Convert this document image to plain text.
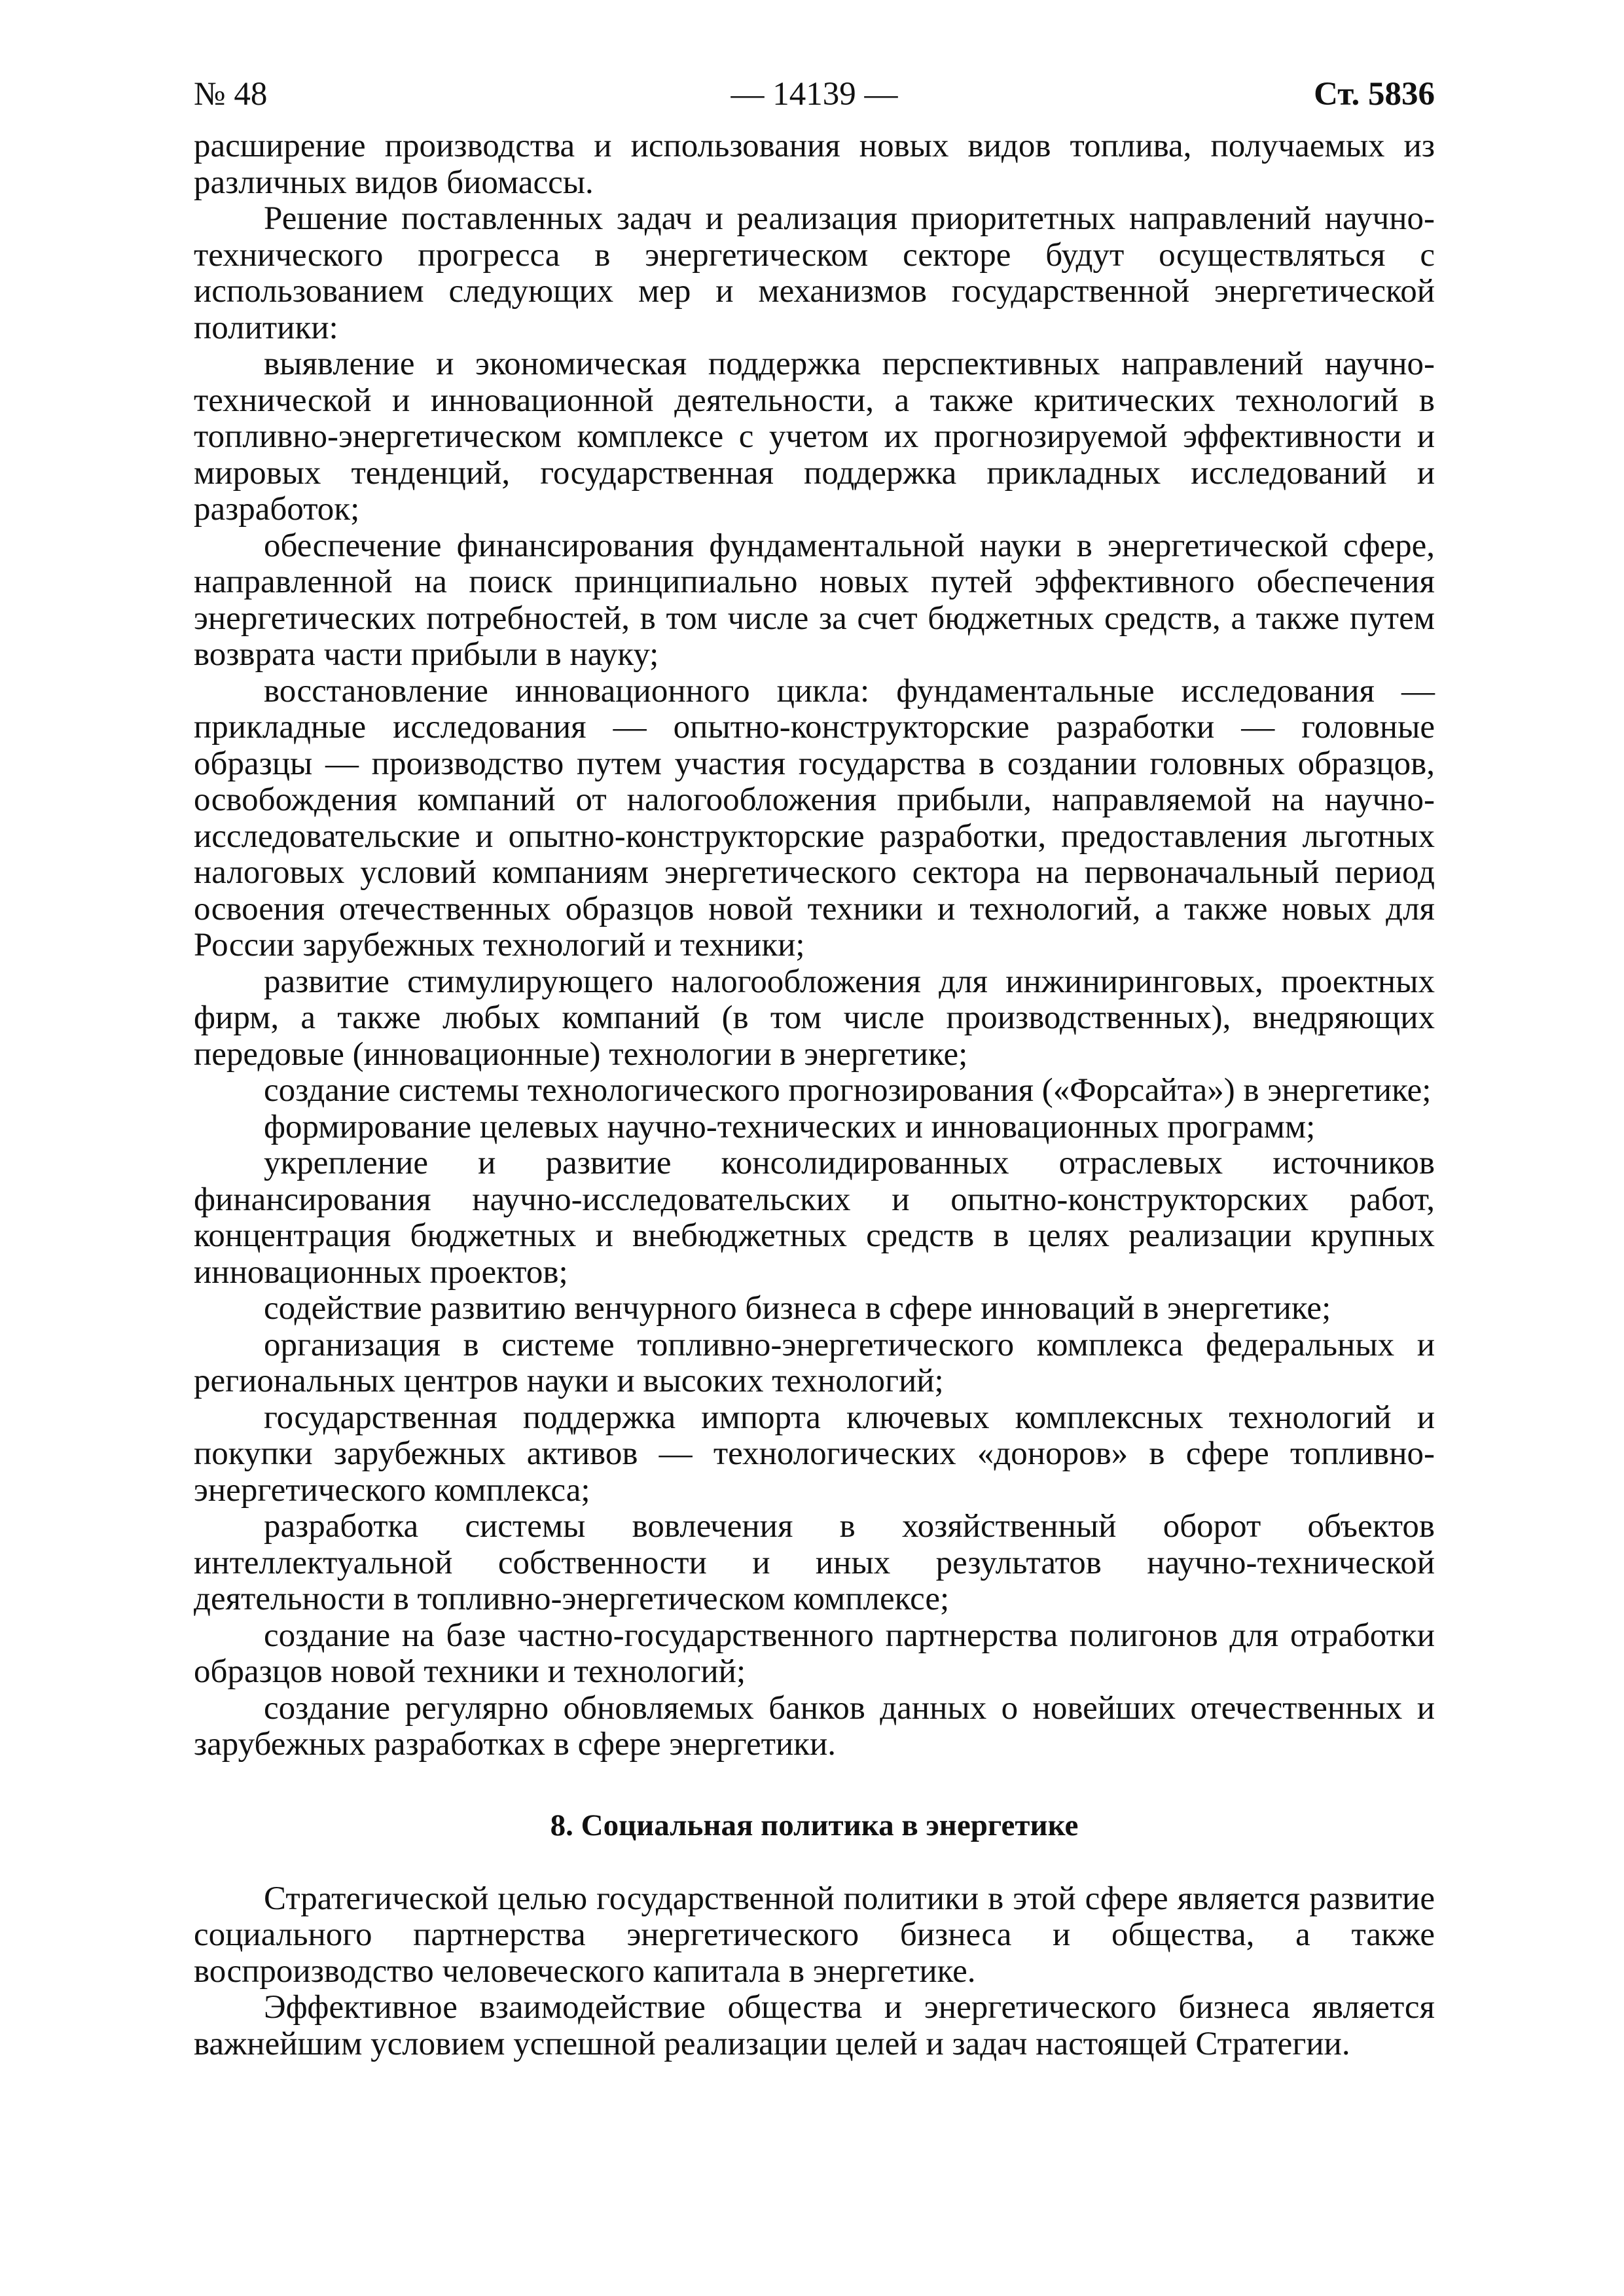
№ 48	— 14139 —	Ст. 5836

расширение производства и использования новых видов топлива, получаемых из различных видов биомассы.

Решение поставленных задач и реализация приоритетных направлений научно-технического прогресса в энергетическом секторе будут осуществляться с использованием следующих мер и механизмов государственной энергетической политики:

выявление и экономическая поддержка перспективных направлений научно-технической и инновационной деятельности, а также критических технологий в топливно-энергетическом комплексе с учетом их прогнозируемой эффективности и мировых тенденций, государственная поддержка прикладных исследований и разработок;

обеспечение финансирования фундаментальной науки в энергетической сфере, направленной на поиск принципиально новых путей эффективного обеспечения энергетических потребностей, в том числе за счет бюджетных средств, а также путем возврата части прибыли в науку;

восстановление инновационного цикла: фундаментальные исследования — прикладные исследования — опытно-конструкторские разработки — головные образцы — производство путем участия государства в создании головных образцов, освобождения компаний от налогообложения прибыли, направляемой на научно-исследовательские и опытно-конструкторские разработки, предоставления льготных налоговых условий компаниям энергетического сектора на первоначальный период освоения отечественных образцов новой техники и технологий, а также новых для России зарубежных технологий и техники;

развитие стимулирующего налогообложения для инжиниринговых, проектных фирм, а также любых компаний (в том числе производственных), внедряющих передовые (инновационные) технологии в энергетике;

создание системы технологического прогнозирования («Форсайта») в энергетике;

формирование целевых научно-технических и инновационных программ;

укрепление и развитие консолидированных отраслевых источников финансирования научно-исследовательских и опытно-конструкторских работ, концентрация бюджетных и внебюджетных средств в целях реализации крупных инновационных проектов;

содействие развитию венчурного бизнеса в сфере инноваций в энергетике;

организация в системе топливно-энергетического комплекса федеральных и региональных центров науки и высоких технологий;

государственная поддержка импорта ключевых комплексных технологий и покупки зарубежных активов — технологических «доноров» в сфере топливно-энергетического комплекса;

разработка системы вовлечения в хозяйственный оборот объектов интеллектуальной собственности и иных результатов научно-технической деятельности в топливно-энергетическом комплексе;

создание на базе частно-государственного партнерства полигонов для отработки образцов новой техники и технологий;

создание регулярно обновляемых банков данных о новейших отечественных и зарубежных разработках в сфере энергетики.

8. Социальная политика в энергетике

Стратегической целью государственной политики в этой сфере является развитие социального партнерства энергетического бизнеса и общества, а также воспроизводство человеческого капитала в энергетике.

Эффективное взаимодействие общества и энергетического бизнеса является важнейшим условием успешной реализации целей и задач настоящей Стратегии.
